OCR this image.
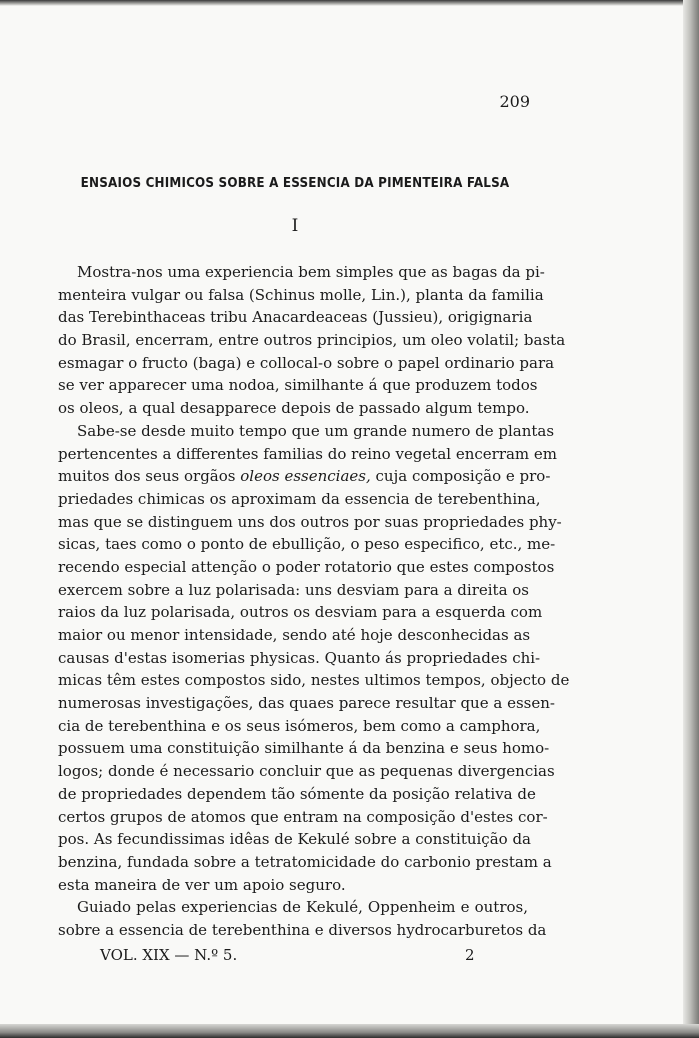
209
ENSAIOS CHIMICOS SOBRE A ESSENCIA DA PIMENTEIRA FALSA
I
Mostra-nos uma experiencia bem simples que as bagas da pi-
menteira vulgar ou falsa (Schinus molle, Lin.), planta da familia
das Terebinthaceas tribu Anacardeaceas (Jussieu), origignaria
do Brasil, encerram, entre outros principios, um oleo volatil; basta
esmagar o fructo (baga) e collocal-o sobre o papel ordinario para
se ver apparecer uma nodoa, similhante á que produzem todos
os oleos, a qual desapparece depois de passado algum tempo.
Sabe-se desde muito tempo que um grande numero de plantas
pertencentes a differentes familias do reino vegetal encerram em
muitos dos seus orgãos oleos essenciaes, cuja composição e pro-
priedades chimicas os aproximam da essencia de terebenthina,
mas que se distinguem uns dos outros por suas propriedades phy-
sicas, taes como o ponto de ebullição, o peso especifico, etc., me-
recendo especial attenção o poder rotatorio que estes compostos
exercem sobre a luz polarisada: uns desviam para a direita os
raios da luz polarisada, outros os desviam para a esquerda com
maior ou menor intensidade, sendo até hoje desconhecidas as
causas d'estas isomerias physicas. Quanto ás propriedades chi-
micas têm estes compostos sido, nestes ultimos tempos, objecto de
numerosas investigações, das quaes parece resultar que a essen-
cia de terebenthina e os seus isómeros, bem como a camphora,
possuem uma constituição similhante á da benzina e seus homo-
logos; donde é necessario concluir que as pequenas divergencias
de propriedades dependem tão sómente da posição relativa de
certos grupos de atomos que entram na composição d'estes cor-
pos. As fecundissimas idêas de Kekulé sobre a constituição da
benzina, fundada sobre a tetratomicidade do carbonio prestam a
esta maneira de ver um apoio seguro.
Guiado pelas experiencias de Kekulé, Oppenheim e outros,
sobre a essencia de terebenthina e diversos hydrocarburetos da
VOL. XIX — N.º 5.	2
